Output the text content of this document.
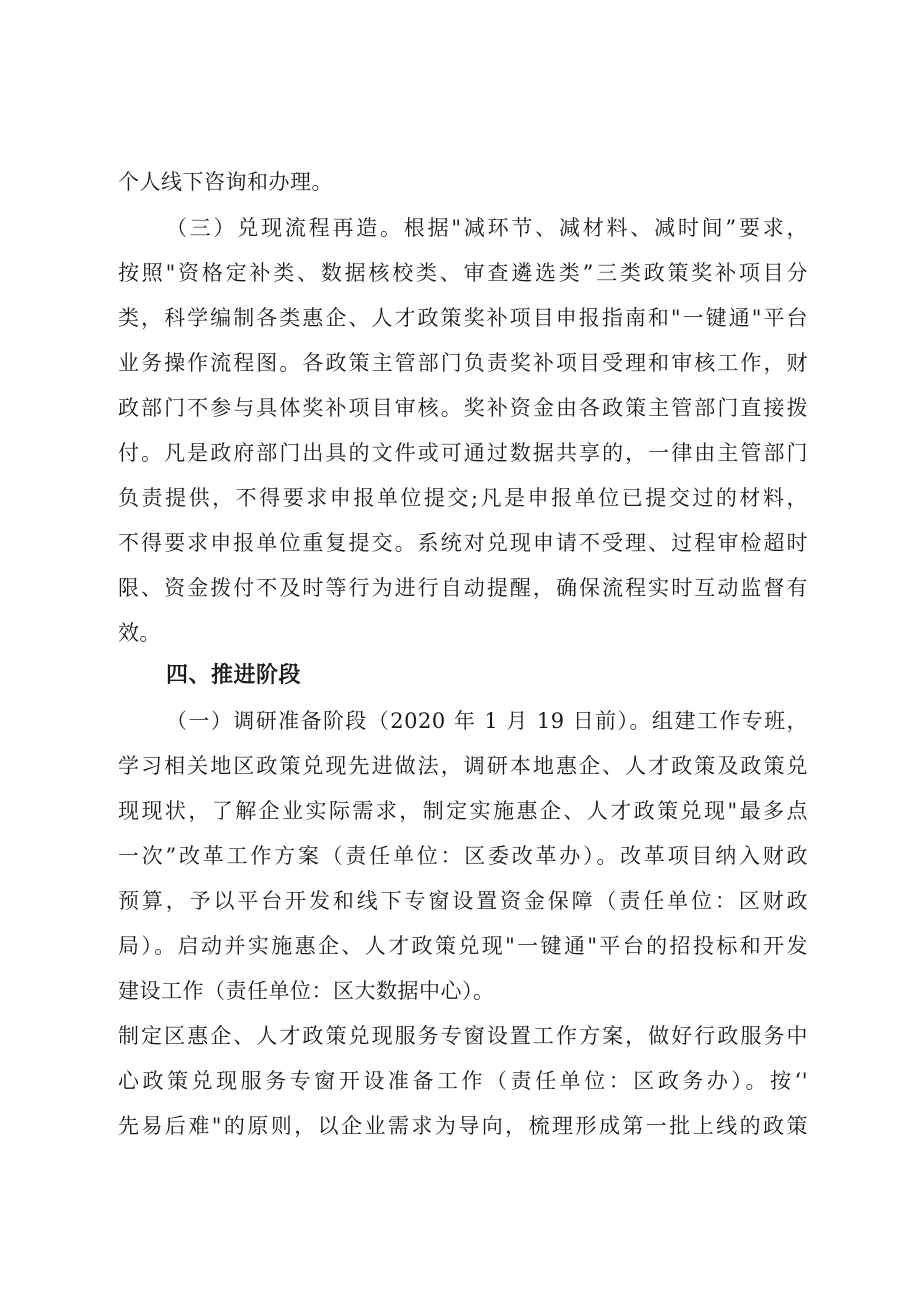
个人线下咨询和办理。
（三）兑现流程再造。根据"减环节、减材料、减时间”要求，
按照"资格定补类、数据核校类、审查遴选类”三类政策奖补项目分
类，科学编制各类惠企、人才政策奖补项目申报指南和"一键通"平台
业务操作流程图。各政策主管部门负责奖补项目受理和审核工作，财
政部门不参与具体奖补项目审核。奖补资金由各政策主管部门直接拨
付。凡是政府部门出具的文件或可通过数据共享的，一律由主管部门
负责提供，不得要求申报单位提交;凡是申报单位已提交过的材料，
不得要求申报单位重复提交。系统对兑现申请不受理、过程审检超时
限、资金拨付不及时等行为进行自动提醒，确保流程实时互动监督有
效。
四、推进阶段
（一）调研准备阶段（2020 年 1 月 19 日前）。组建工作专班，
学习相关地区政策兑现先进做法，调研本地惠企、人才政策及政策兑
现现状，了解企业实际需求，制定实施惠企、人才政策兑现"最多点
一次”改革工作方案（责任单位：区委改革办）。改革项目纳入财政
预算，予以平台开发和线下专窗设置资金保障（责任单位：区财政
局）。启动并实施惠企、人才政策兑现"一键通"平台的招投标和开发
建设工作（责任单位：区大数据中心）。
制定区惠企、人才政策兑现服务专窗设置工作方案，做好行政服务中
心政策兑现服务专窗开设准备工作（责任单位：区政务办）。按‘'
先易后难"的原则，以企业需求为导向，梳理形成第一批上线的政策
